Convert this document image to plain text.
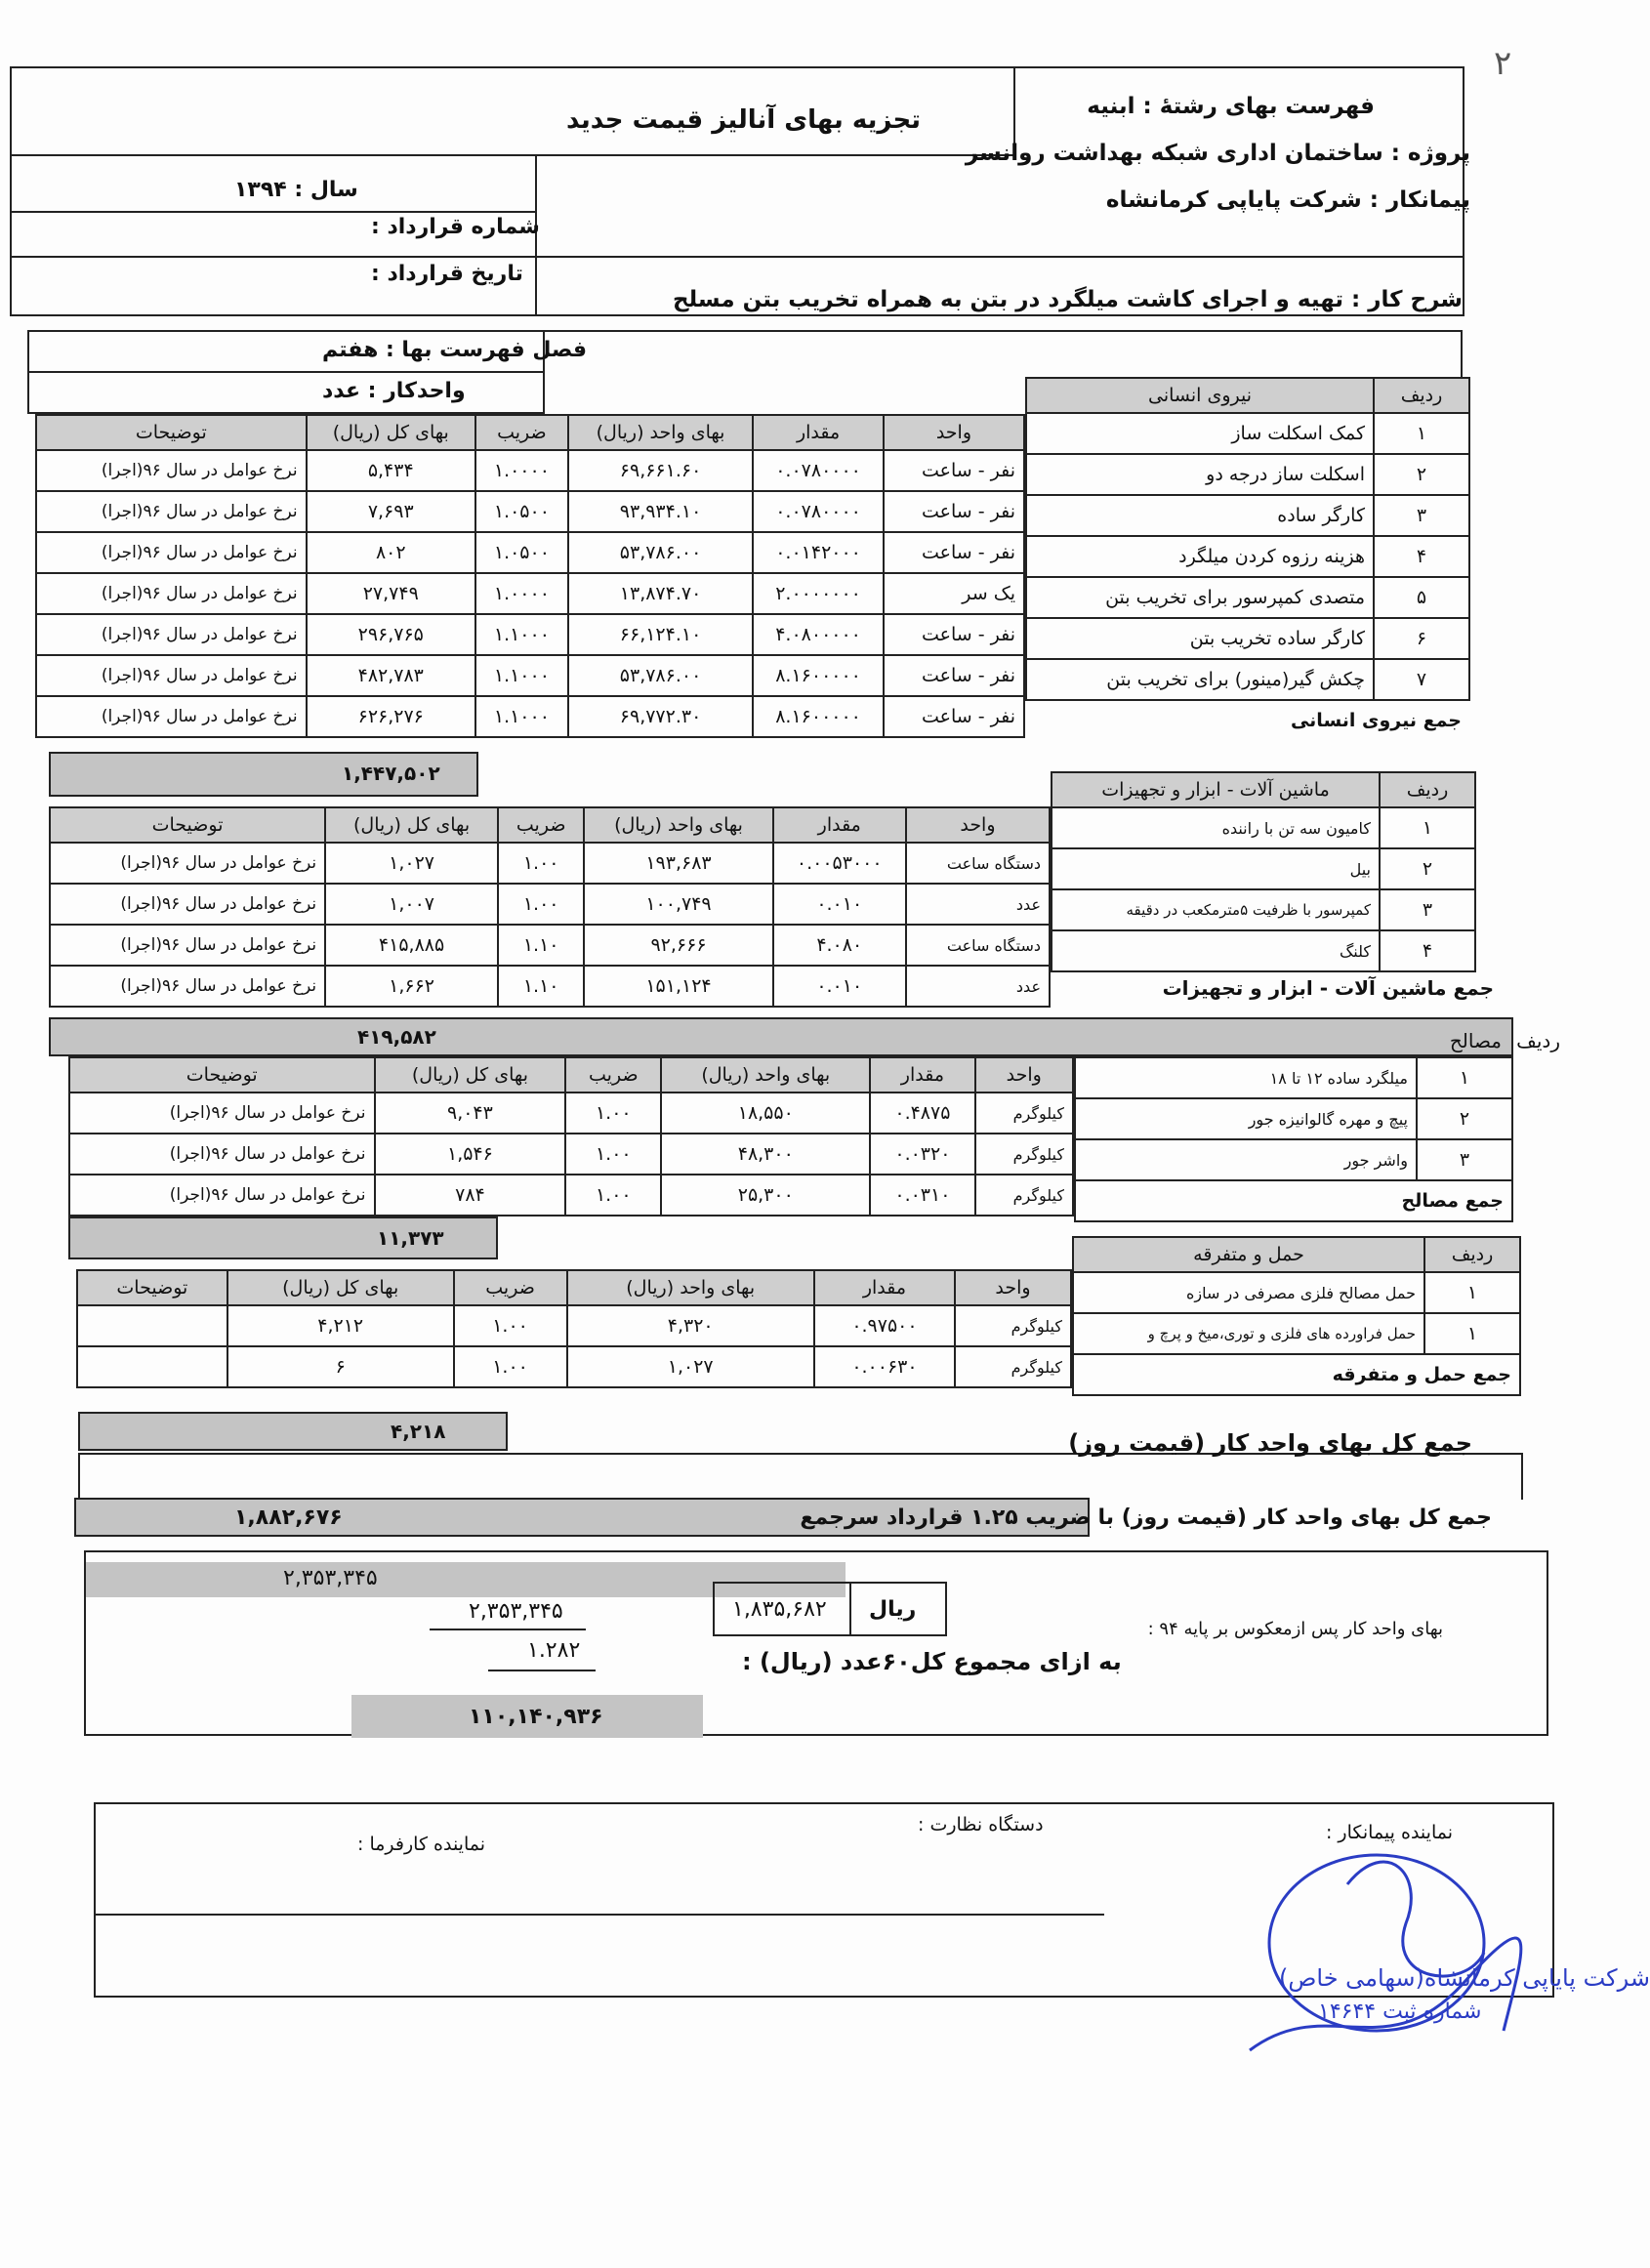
۲
تجزیه بهای آنالیز قیمت جدید	فهرست بهای رشتهٔ : ابنیه
پروژه : ساختمان اداری شبکه بهداشت روانسر
پیمانکار : شرکت پایاپی کرمانشاه
سال : ۱۳۹۴
شماره قرارداد :
تاریخ قرارداد :
شرح کار : تهیه و اجرای کاشت میلگرد در بتن به همراه تخریب بتن مسلح
فصل فهرست بها : هفتم
واحدکار : عدد	ردیف	نیروی انسانی
۱	کمک اسکلت ساز
۲	اسکلت ساز درجه دو
۳	کارگر ساده
۴	هزینه رزوه کردن میلگرد
۵	متصدی کمپرسور برای تخریب بتن
۶	کارگر ساده تخریب بتن
۷	چکش گیر(مینور) برای تخریب بتن
جمع نیروی انسانی	
واحد	مقدار	بهای واحد (ریال)	ضریب	بهای کل (ریال)	توضیحات
نفر - ساعت	۰.۰۷۸۰۰۰۰	۶۹,۶۶۱.۶۰	۱.۰۰۰۰	۵,۴۳۴	نرخ عوامل در سال ۹۶(اجرا)
نفر - ساعت	۰.۰۷۸۰۰۰۰	۹۳,۹۳۴.۱۰	۱.۰۵۰۰	۷,۶۹۳	نرخ عوامل در سال ۹۶(اجرا)
نفر - ساعت	۰.۰۱۴۲۰۰۰	۵۳,۷۸۶.۰۰	۱.۰۵۰۰	۸۰۲	نرخ عوامل در سال ۹۶(اجرا)
یک سر	۲.۰۰۰۰۰۰۰	۱۳,۸۷۴.۷۰	۱.۰۰۰۰	۲۷,۷۴۹	نرخ عوامل در سال ۹۶(اجرا)
نفر - ساعت	۴.۰۸۰۰۰۰۰	۶۶,۱۲۴.۱۰	۱.۱۰۰۰	۲۹۶,۷۶۵	نرخ عوامل در سال ۹۶(اجرا)
نفر - ساعت	۸.۱۶۰۰۰۰۰	۵۳,۷۸۶.۰۰	۱.۱۰۰۰	۴۸۲,۷۸۳	نرخ عوامل در سال ۹۶(اجرا)
نفر - ساعت	۸.۱۶۰۰۰۰۰	۶۹,۷۷۲.۳۰	۱.۱۰۰۰	۶۲۶,۲۷۶	نرخ عوامل در سال ۹۶(اجرا)
۱,۴۴۷,۵۰۲
ردیف	ماشین آلات - ابزار و تجهیزات
۱	کامیون سه تن با راننده
۲	بیل
۳	کمپرسور با ظرفیت ۵مترمکعب در دقیقه
۴	کلنگ
جمع ماشین آلات - ابزار و تجهیزات
واحد	مقدار	بهای واحد (ریال)	ضریب	بهای کل (ریال)	توضیحات
دستگاه ساعت	۰.۰۰۵۳۰۰۰	۱۹۳,۶۸۳	۱.۰۰	۱,۰۲۷	نرخ عوامل در سال ۹۶(اجرا)
عدد	۰.۰۱۰	۱۰۰,۷۴۹	۱.۰۰	۱,۰۰۷	نرخ عوامل در سال ۹۶(اجرا)
دستگاه ساعت	۴.۰۸۰	۹۲,۶۶۶	۱.۱۰	۴۱۵,۸۸۵	نرخ عوامل در سال ۹۶(اجرا)
عدد	۰.۰۱۰	۱۵۱,۱۲۴	۱.۱۰	۱,۶۶۲	نرخ عوامل در سال ۹۶(اجرا)
۴۱۹,۵۸۲
۱	میلگرد ساده ۱۲ تا ۱۸
۲	پیچ و مهره گالوانیزه جور
۳	واشر جور
جمع مصالح	
مصالح ردیف
واحد	مقدار	بهای واحد (ریال)	ضریب	بهای کل (ریال)	توضیحات
کیلوگرم	۰.۴۸۷۵	۱۸,۵۵۰	۱.۰۰	۹,۰۴۳	نرخ عوامل در سال ۹۶(اجرا)
کیلوگرم	۰.۰۳۲۰	۴۸,۳۰۰	۱.۰۰	۱,۵۴۶	نرخ عوامل در سال ۹۶(اجرا)
کیلوگرم	۰.۰۳۱۰	۲۵,۳۰۰	۱.۰۰	۷۸۴	نرخ عوامل در سال ۹۶(اجرا)
۱۱,۳۷۳
ردیف	حمل و متفرقه
۱	حمل مصالح فلزی مصرفی در سازه
۱	حمل فراورده های فلزی و توری،میخ و پرچ و
جمع حمل و متفرقه	
واحد	مقدار	بهای واحد (ریال)	ضریب	بهای کل (ریال)	توضیحات
کیلوگرم	۰.۹۷۵۰۰	۴,۳۲۰	۱.۰۰	۴,۲۱۲	
کیلوگرم	۰.۰۰۶۳۰	۱,۰۲۷	۱.۰۰	۶	
۴,۲۱۸	جمع کل بهای واحد کار (قیمت روز)
۱,۸۸۲,۶۷۶	جمع کل بهای واحد کار (قیمت روز) با ضریب ۱.۲۵ قرارداد سرجمع
۲,۳۵۳,۳۴۵
۲,۳۵۳,۳۴۵
۱.۲۸۲
۱,۸۳۵,۶۸۲ ریال
بهای واحد کار پس ازمعکوس بر پایه ۹۴ :
به ازای مجموع کل۶۰عدد (ریال) :
۱۱۰,۱۴۰,۹۳۶
نماینده پیمانکار :
دستگاه نظارت :
نماینده کارفرما :
شرکت پایاپی کرمانشاه(سهامی خاص)
شماره ثبت ۱۴۶۴۴
